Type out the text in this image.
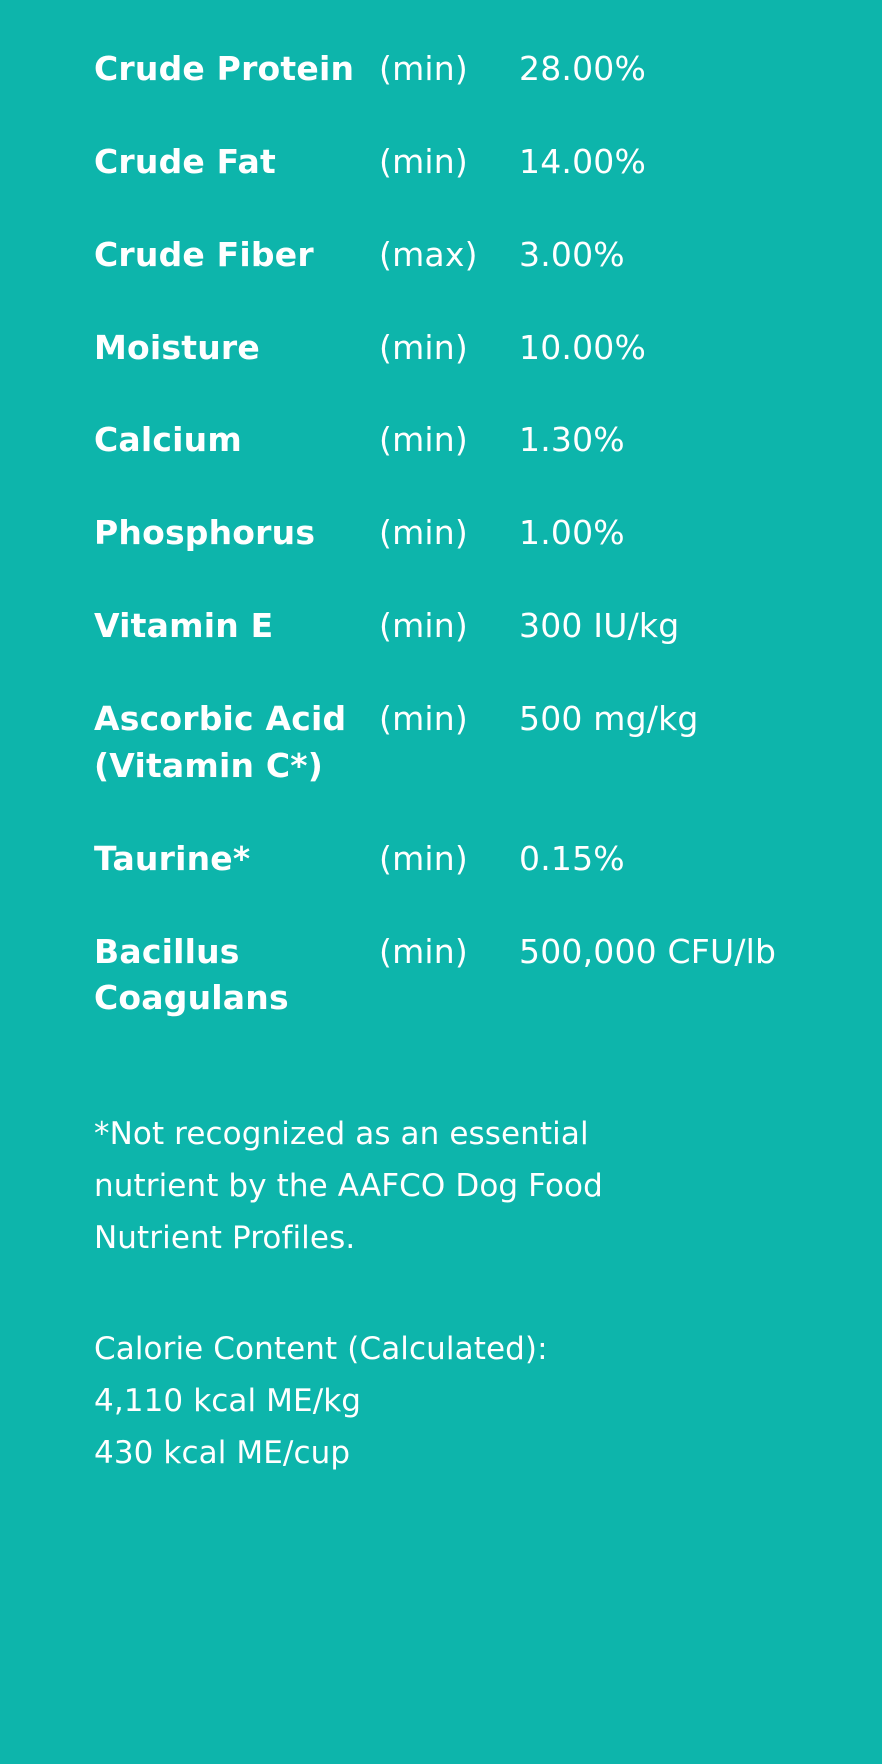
Crude Protein	(min)	28.00%
Crude Fat	(min)	14.00%
Crude Fiber	(max)	3.00%
Moisture	(min)	10.00%
Calcium	(min)	1.30%
Phosphorus	(min)	1.00%
Vitamin E	(min)	300 IU/kg
Ascorbic Acid (Vitamin C*)	(min)	500 mg/kg
Taurine*	(min)	0.15%
Bacillus Coagulans	(min)	500,000 CFU/lb

*Not recognized as an essential nutrient by the AAFCO Dog Food Nutrient Profiles.

Calorie Content (Calculated):
4,110 kcal ME/kg
430 kcal ME/cup
